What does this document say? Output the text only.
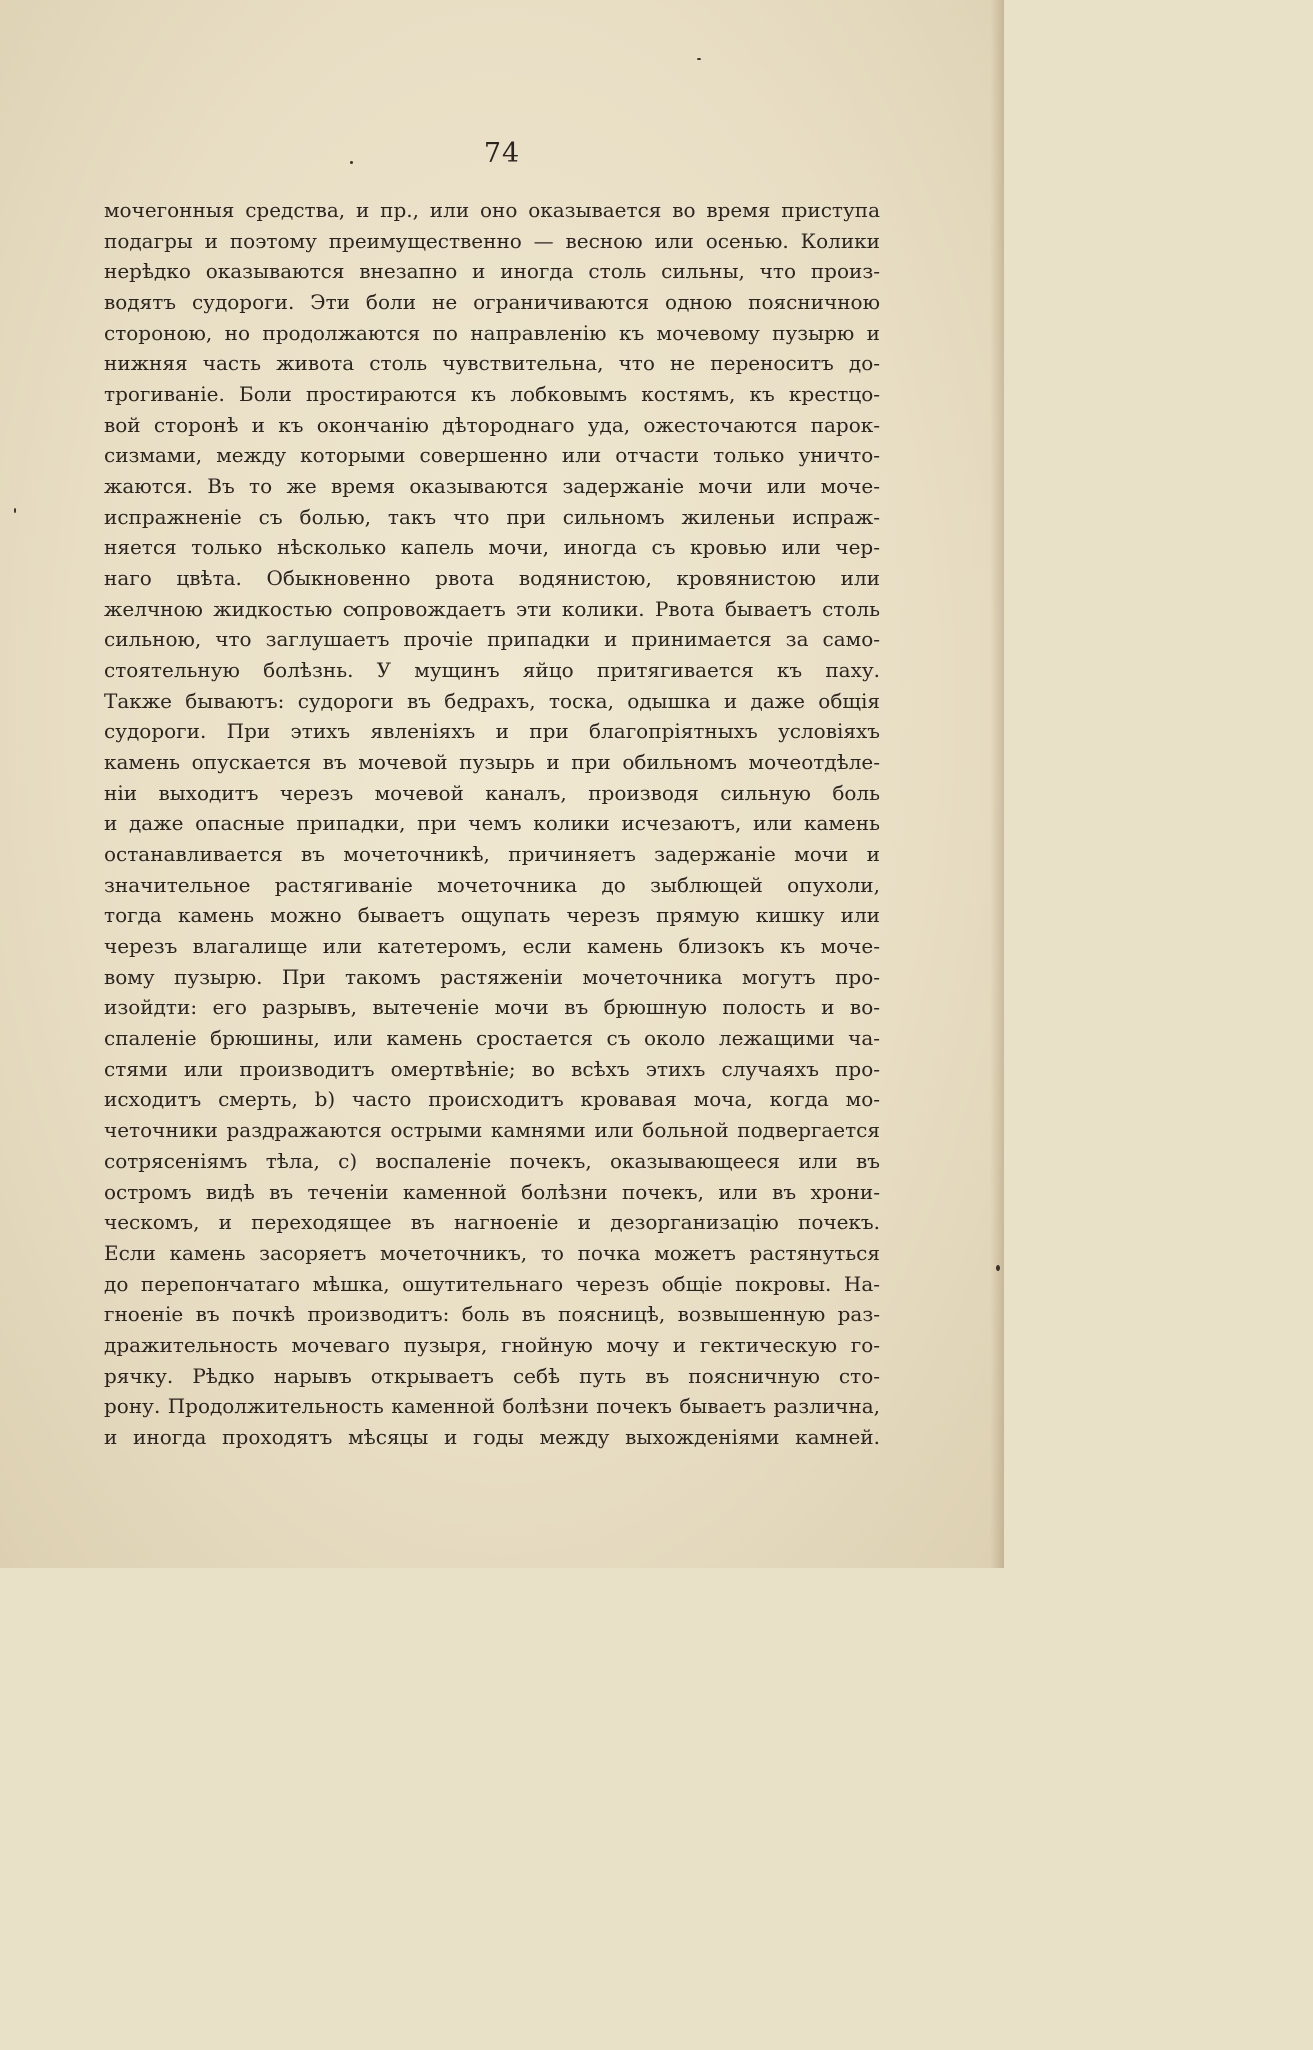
74
мочегонныя средства, и пр., или оно оказывается во время приступа
подагры и поэтому преимущественно — весною или осенью. Колики
нерѣдко оказываются внезапно и иногда столь сильны, что произ-
водятъ судороги. Эти боли не ограничиваются одною поясничною
стороною, но продолжаются по направленію къ мочевому пузырю и
нижняя часть живота столь чувствительна, что не переноситъ до-
трогиваніе. Боли простираются къ лобковымъ костямъ, къ крестцо-
вой сторонѣ и къ окончанію дѣтороднаго уда, ожесточаются парок-
сизмами, между которыми совершенно или отчасти только уничто-
жаются. Въ то же время оказываются задержаніе мочи или моче-
испражненіе съ болью, такъ что при сильномъ жиленьи испраж-
няется только нѣсколько капель мочи, иногда съ кровью или чер-
наго цвѣта. Обыкновенно рвота водянистою, кровянистою или
желчною жидкостью сопровождаетъ эти колики. Рвота бываетъ столь
сильною, что заглушаетъ прочіе припадки и принимается за само-
стоятельную болѣзнь. У мущинъ яйцо притягивается къ паху.
Также бываютъ: судороги въ бедрахъ, тоска, одышка и даже общія
судороги. При этихъ явленіяхъ и при благопріятныхъ условіяхъ
камень опускается въ мочевой пузырь и при обильномъ мочеотдѣле-
ніи выходитъ черезъ мочевой каналъ, производя сильную боль
и даже опасные припадки, при чемъ колики исчезаютъ, или камень
останавливается въ мочеточникѣ, причиняетъ задержаніе мочи и
значительное растягиваніе мочеточника до зыблющей опухоли,
тогда камень можно бываетъ ощупать черезъ прямую кишку или
черезъ влагалище или катетеромъ, если камень близокъ къ моче-
вому пузырю. При такомъ растяженіи мочеточника могутъ про-
изойдти: его разрывъ, вытеченіе мочи въ брюшную полость и во-
спаленіе брюшины, или камень сростается съ около лежащими ча-
стями или производитъ омертвѣніе; во всѣхъ этихъ случаяхъ про-
исходитъ смерть, b) часто происходитъ кровавая моча, когда мо-
четочники раздражаются острыми камнями или больной подвергается
сотрясеніямъ тѣла, c) воспаленіе почекъ, оказывающееся или въ
остромъ видѣ въ теченіи каменной болѣзни почекъ, или въ хрони-
ческомъ, и переходящее въ нагноеніе и дезорганизацію почекъ.
Если камень засоряетъ мочеточникъ, то почка можетъ растянуться
до перепончатаго мѣшка, ошутительнаго черезъ общіе покровы. На-
гноеніе въ почкѣ производитъ: боль въ поясницѣ, возвышенную раз-
дражительность мочеваго пузыря, гнойную мочу и гектическую го-
рячку. Рѣдко нарывъ открываетъ себѣ путь въ поясничную сто-
рону. Продолжительность каменной болѣзни почекъ бываетъ различна,
и иногда проходятъ мѣсяцы и годы между выхожденіями камней.
